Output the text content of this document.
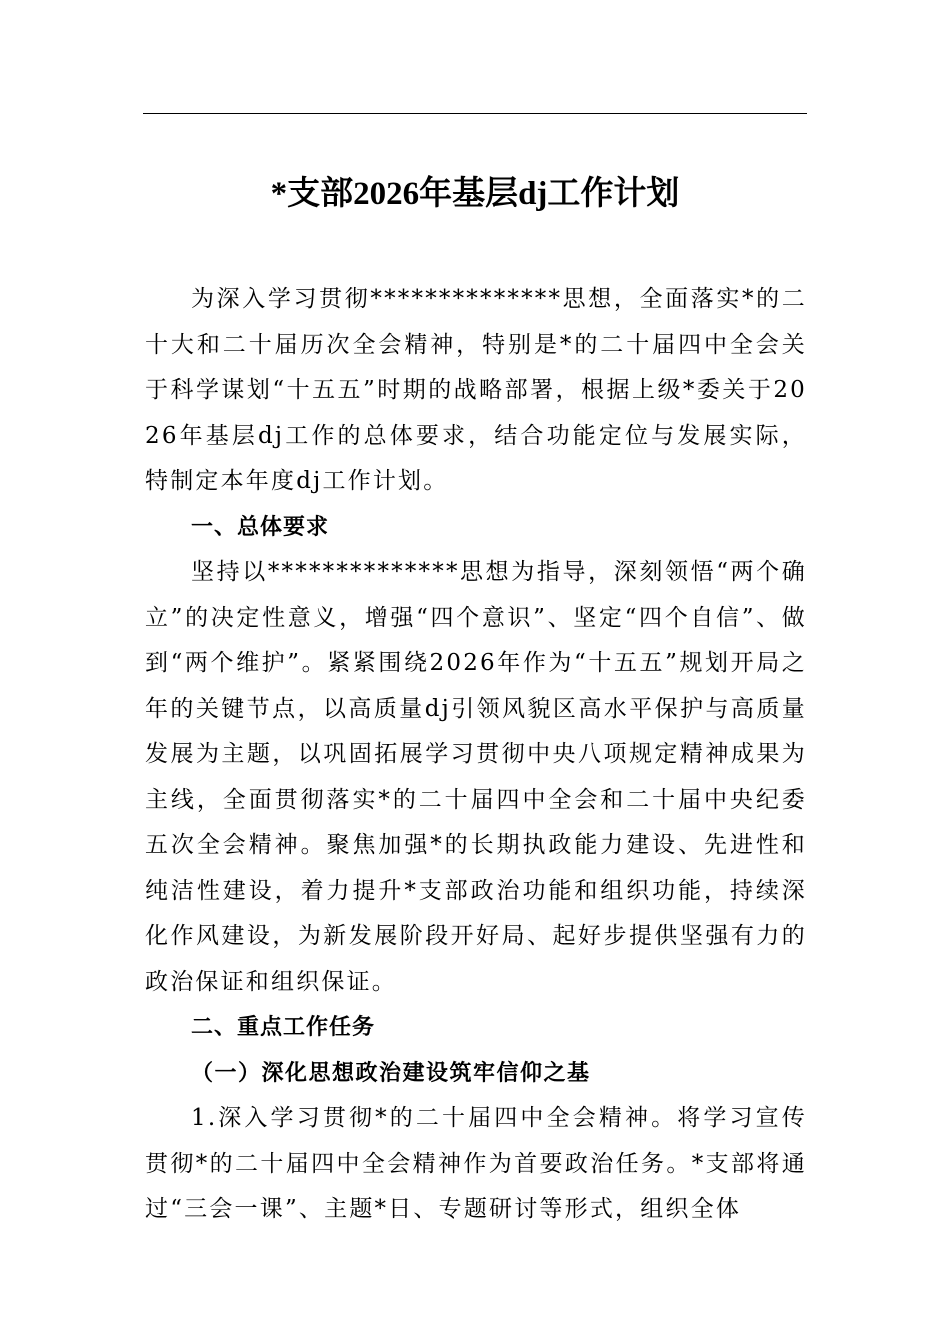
*支部2026年基层dj工作计划

为深入学习贯彻**************思想，全面落实*的二十大和二十届历次全会精神，特别是*的二十届四中全会关于科学谋划“十五五”时期的战略部署，根据上级*委关于2026年基层dj工作的总体要求，结合功能定位与发展实际，特制定本年度dj工作计划。

一、总体要求

坚持以**************思想为指导，深刻领悟“两个确立”的决定性意义，增强“四个意识”、坚定“四个自信”、做到“两个维护”。紧紧围绕2026年作为“十五五”规划开局之年的关键节点，以高质量dj引领风貌区高水平保护与高质量发展为主题，以巩固拓展学习贯彻中央八项规定精神成果为主线，全面贯彻落实*的二十届四中全会和二十届中央纪委五次全会精神。聚焦加强*的长期执政能力建设、先进性和纯洁性建设，着力提升*支部政治功能和组织功能，持续深化作风建设，为新发展阶段开好局、起好步提供坚强有力的政治保证和组织保证。

二、重点工作任务

（一）深化思想政治建设筑牢信仰之基

1.深入学习贯彻*的二十届四中全会精神。将学习宣传贯彻*的二十届四中全会精神作为首要政治任务。*支部将通过“三会一课”、主题*日、专题研讨等形式，组织全体
